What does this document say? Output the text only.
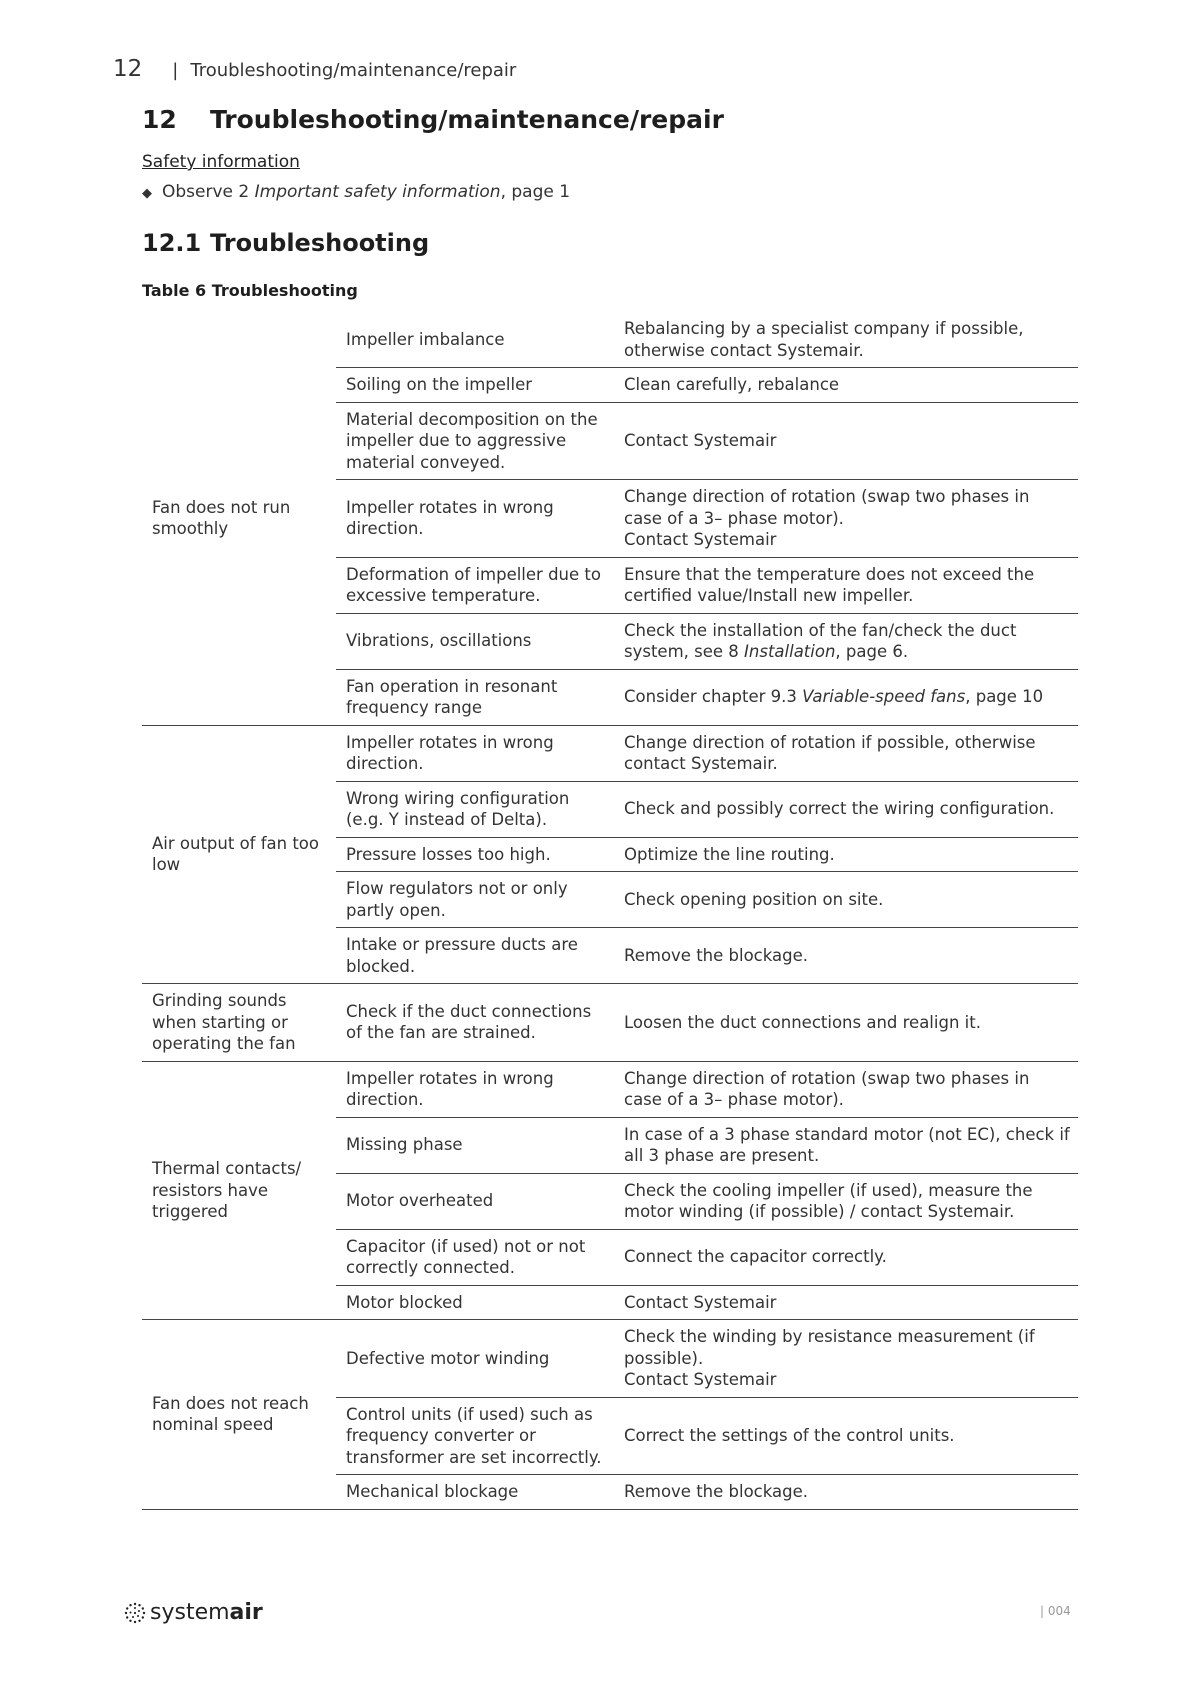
12 | Troubleshooting/maintenance/repair
12	Troubleshooting/maintenance/repair
Safety information
◆ Observe 2 Important safety information, page 1
12.1 Troubleshooting
Table 6 Troubleshooting
Fan does not run smoothly	Impeller imbalance	Rebalancing by a specialist company if possible, otherwise contact Systemair.
	Soiling on the impeller	Clean carefully, rebalance
	Material decomposition on the impeller due to aggressive material conveyed.	Contact Systemair
	Impeller rotates in wrong direction.	Change direction of rotation (swap two phases in case of a 3– phase motor).
Contact Systemair
	Deformation of impeller due to excessive temperature.	Ensure that the temperature does not exceed the certified value/Install new impeller.
	Vibrations, oscillations	Check the installation of the fan/check the duct system, see 8 Installation, page 6.
	Fan operation in resonant frequency range	Consider chapter 9.3 Variable-speed fans, page 10
Air output of fan too low	Impeller rotates in wrong direction.	Change direction of rotation if possible, otherwise contact Systemair.
	Wrong wiring configuration (e.g. Y instead of Delta).	Check and possibly correct the wiring configuration.
	Pressure losses too high.	Optimize the line routing.
	Flow regulators not or only partly open.	Check opening position on site.
	Intake or pressure ducts are blocked.	Remove the blockage.
Grinding sounds when starting or operating the fan	Check if the duct connections of the fan are strained.	Loosen the duct connections and realign it.
Thermal contacts/ resistors have triggered	Impeller rotates in wrong direction.	Change direction of rotation (swap two phases in case of a 3– phase motor).
	Missing phase	In case of a 3 phase standard motor (not EC), check if all 3 phase are present.
	Motor overheated	Check the cooling impeller (if used), measure the motor winding (if possible) / contact Systemair.
	Capacitor (if used) not or not correctly connected.	Connect the capacitor correctly.
	Motor blocked	Contact Systemair
Fan does not reach nominal speed	Defective motor winding	Check the winding by resistance measurement (if possible).
Contact Systemair
	Control units (if used) such as frequency converter or transformer are set incorrectly.	Correct the settings of the control units.
	Mechanical blockage	Remove the blockage.
system air	| 004
